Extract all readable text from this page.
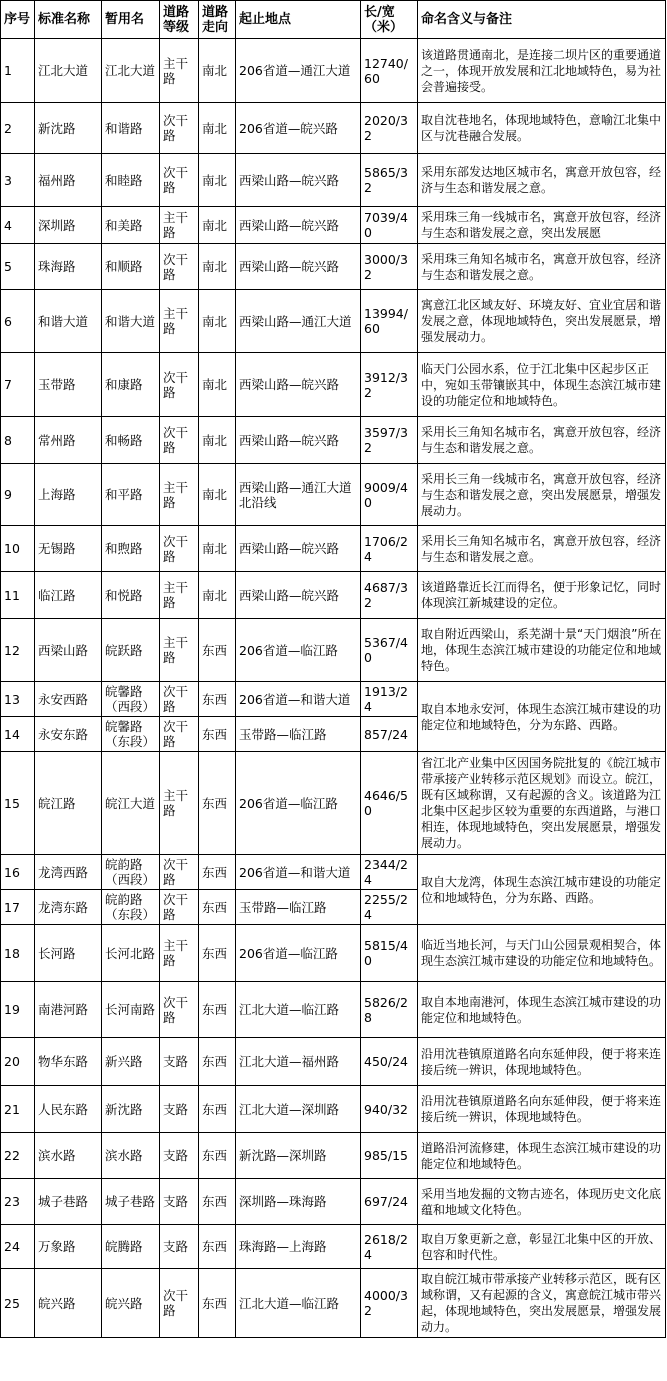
序号	标准名称	暂用名	道路等级	道路走向	起止地点	长/宽（米）	命名含义与备注
1	江北大道	江北大道	主干路	南北	206省道—通江大道	12740/60	该道路贯通南北，是连接二坝片区的重要通道之一，体现开放发展和江北地域特色，易为社会普遍接受。
2	新沈路	和谐路	次干路	南北	206省道—皖兴路	2020/32	取自沈巷地名，体现地域特色，意喻江北集中区与沈巷融合发展。
3	福州路	和睦路	次干路	南北	西梁山路—皖兴路	5865/32	采用东部发达地区城市名，寓意开放包容，经济与生态和谐发展之意。
4	深圳路	和美路	主干路	南北	西梁山路—皖兴路	7039/40	采用珠三角一线城市名，寓意开放包容，经济与生态和谐发展之意，突出发展愿
5	珠海路	和顺路	次干路	南北	西梁山路—皖兴路	3000/32	采用珠三角知名城市名，寓意开放包容，经济与生态和谐发展之意。
6	和谐大道	和谐大道	主干路	南北	西梁山路—通江大道	13994/60	寓意江北区域友好、环境友好、宜业宜居和谐发展之意，体现地域特色，突出发展愿景，增强发展动力。
7	玉带路	和康路	次干路	南北	西梁山路—皖兴路	3912/32	临天门公园水系，位于江北集中区起步区正中，宛如玉带镶嵌其中，体现生态滨江城市建设的功能定位和地域特色。
8	常州路	和畅路	次干路	南北	西梁山路—皖兴路	3597/32	采用长三角知名城市名，寓意开放包容，经济与生态和谐发展之意。
9	上海路	和平路	主干路	南北	西梁山路—通江大道北沿线	9009/40	采用长三角一线城市名，寓意开放包容，经济与生态和谐发展之意，突出发展愿景，增强发展动力。
10	无锡路	和煦路	次干路	南北	西梁山路—皖兴路	1706/24	采用长三角知名城市名，寓意开放包容，经济与生态和谐发展之意。
11	临江路	和悦路	主干路	南北	西梁山路—皖兴路	4687/32	该道路靠近长江而得名，便于形象记忆，同时体现滨江新城建设的定位。
12	西梁山路	皖跃路	主干路	东西	206省道—临江路	5367/40	取自附近西梁山，系芜湖十景“天门烟浪”所在地，体现生态滨江城市建设的功能定位和地域特色。
13	永安西路	皖馨路（西段）	次干路	东西	206省道—和谐大道	1913/24	取自本地永安河，体现生态滨江城市建设的功能定位和地域特色，分为东路、西路。
14	永安东路	皖馨路（东段）	次干路	东西	玉带路—临江路	857/24	
15	皖江路	皖江大道	主干路	东西	206省道—临江路	4646/50	省江北产业集中区因国务院批复的《皖江城市带承接产业转移示范区规划》而设立。皖江，既有区域称谓，又有起源的含义。该道路为江北集中区起步区较为重要的东西道路，与港口相连，体现地域特色，突出发展愿景，增强发展动力。
16	龙湾西路	皖韵路（西段）	次干路	东西	206省道—和谐大道	2344/24	取自大龙湾，体现生态滨江城市建设的功能定位和地域特色，分为东路、西路。
17	龙湾东路	皖韵路（东段）	次干路	东西	玉带路—临江路	2255/24	
18	长河路	长河北路	主干路	东西	206省道—临江路	5815/40	临近当地长河，与天门山公园景观相契合，体现生态滨江城市建设的功能定位和地域特色。
19	南港河路	长河南路	次干路	东西	江北大道—临江路	5826/28	取自本地南港河，体现生态滨江城市建设的功能定位和地域特色。
20	物华东路	新兴路	支路	东西	江北大道—福州路	450/24	沿用沈巷镇原道路名向东延伸段，便于将来连接后统一辨识，体现地域特色。
21	人民东路	新沈路	支路	东西	江北大道—深圳路	940/32	沿用沈巷镇原道路名向东延伸段，便于将来连接后统一辨识，体现地域特色。
22	滨水路	滨水路	支路	东西	新沈路—深圳路	985/15	道路沿河流修建，体现生态滨江城市建设的功能定位和地域特色。
23	城子巷路	城子巷路	支路	东西	深圳路—珠海路	697/24	采用当地发掘的文物古迹名，体现历史文化底蕴和地域文化特色。
24	万象路	皖腾路	支路	东西	珠海路—上海路	2618/24	取自万象更新之意，彰显江北集中区的开放、包容和时代性。
25	皖兴路	皖兴路	次干路	东西	江北大道—临江路	4000/32	取自皖江城市带承接产业转移示范区，既有区域称谓，又有起源的含义，寓意皖江城市带兴起，体现地域特色，突出发展愿景，增强发展动力。
